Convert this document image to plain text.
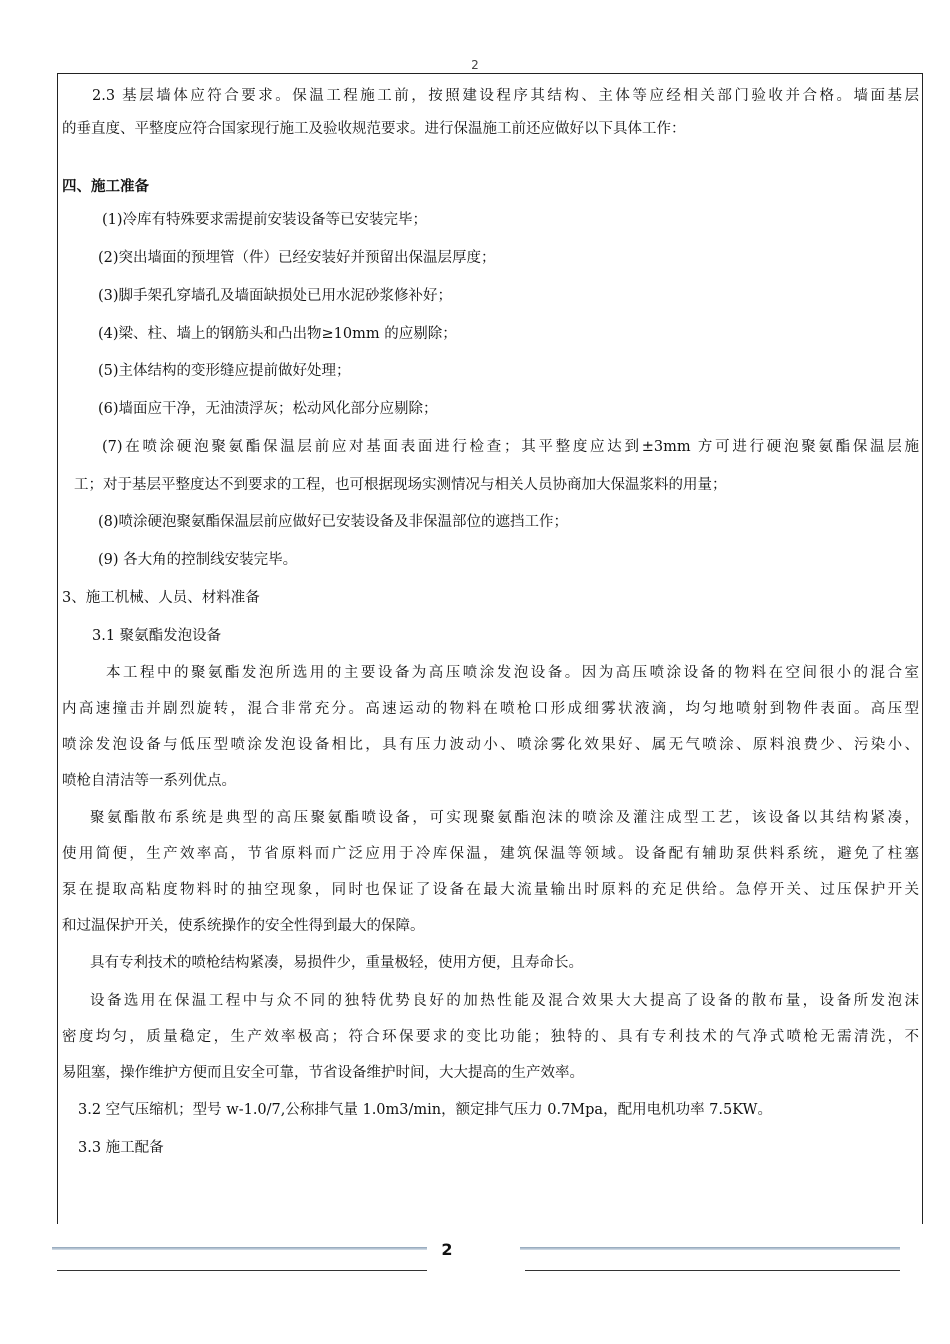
2

2.3 基层墙体应符合要求。保温工程施工前，按照建设程序其结构、主体等应经相关部门验收并合格。墙面基层

的垂直度、平整度应符合国家现行施工及验收规范要求。进行保温施工前还应做好以下具体工作：

四、施工准备

(1)冷库有特殊要求需提前安装设备等已安装完毕；

(2)突出墙面的预埋管（件）已经安装好并预留出保温层厚度；

(3)脚手架孔穿墙孔及墙面缺损处已用水泥砂浆修补好；

(4)梁、柱、墙上的钢筋头和凸出物≥10mm 的应剔除；

(5)主体结构的变形缝应提前做好处理；

(6)墙面应干净，无油渍浮灰；松动风化部分应剔除；

(7)在喷涂硬泡聚氨酯保温层前应对基面表面进行检查；其平整度应达到±3mm 方可进行硬泡聚氨酯保温层施

工；对于基层平整度达不到要求的工程，也可根据现场实测情况与相关人员协商加大保温浆料的用量；

(8)喷涂硬泡聚氨酯保温层前应做好已安装设备及非保温部位的遮挡工作；

(9) 各大角的控制线安装完毕。

3、施工机械、人员、材料准备

3.1 聚氨酯发泡设备

本工程中的聚氨酯发泡所选用的主要设备为高压喷涂发泡设备。因为高压喷涂设备的物料在空间很小的混合室

内高速撞击并剧烈旋转，混合非常充分。高速运动的物料在喷枪口形成细雾状液滴，均匀地喷射到物件表面。高压型

喷涂发泡设备与低压型喷涂发泡设备相比，具有压力波动小、喷涂雾化效果好、属无气喷涂、原料浪费少、污染小、

喷枪自清洁等一系列优点。

聚氨酯散布系统是典型的高压聚氨酯喷设备，可实现聚氨酯泡沫的喷涂及灌注成型工艺，该设备以其结构紧凑，

使用简便，生产效率高，节省原料而广泛应用于冷库保温，建筑保温等领域。设备配有辅助泵供料系统，避免了柱塞

泵在提取高粘度物料时的抽空现象，同时也保证了设备在最大流量输出时原料的充足供给。急停开关、过压保护开关

和过温保护开关，使系统操作的安全性得到最大的保障。

具有专利技术的喷枪结构紧凑，易损件少，重量极轻，使用方便，且寿命长。

设备选用在保温工程中与众不同的独特优势良好的加热性能及混合效果大大提高了设备的散布量，设备所发泡沫

密度均匀，质量稳定，生产效率极高；符合环保要求的变比功能；独特的、具有专利技术的气净式喷枪无需清洗，不

易阻塞，操作维护方便而且安全可靠，节省设备维护时间，大大提高的生产效率。

3.2 空气压缩机；型号 w-1.0/7,公称排气量 1.0m3/min，额定排气压力 0.7Mpa，配用电机功率 7.5KW。

3.3 施工配备

2
